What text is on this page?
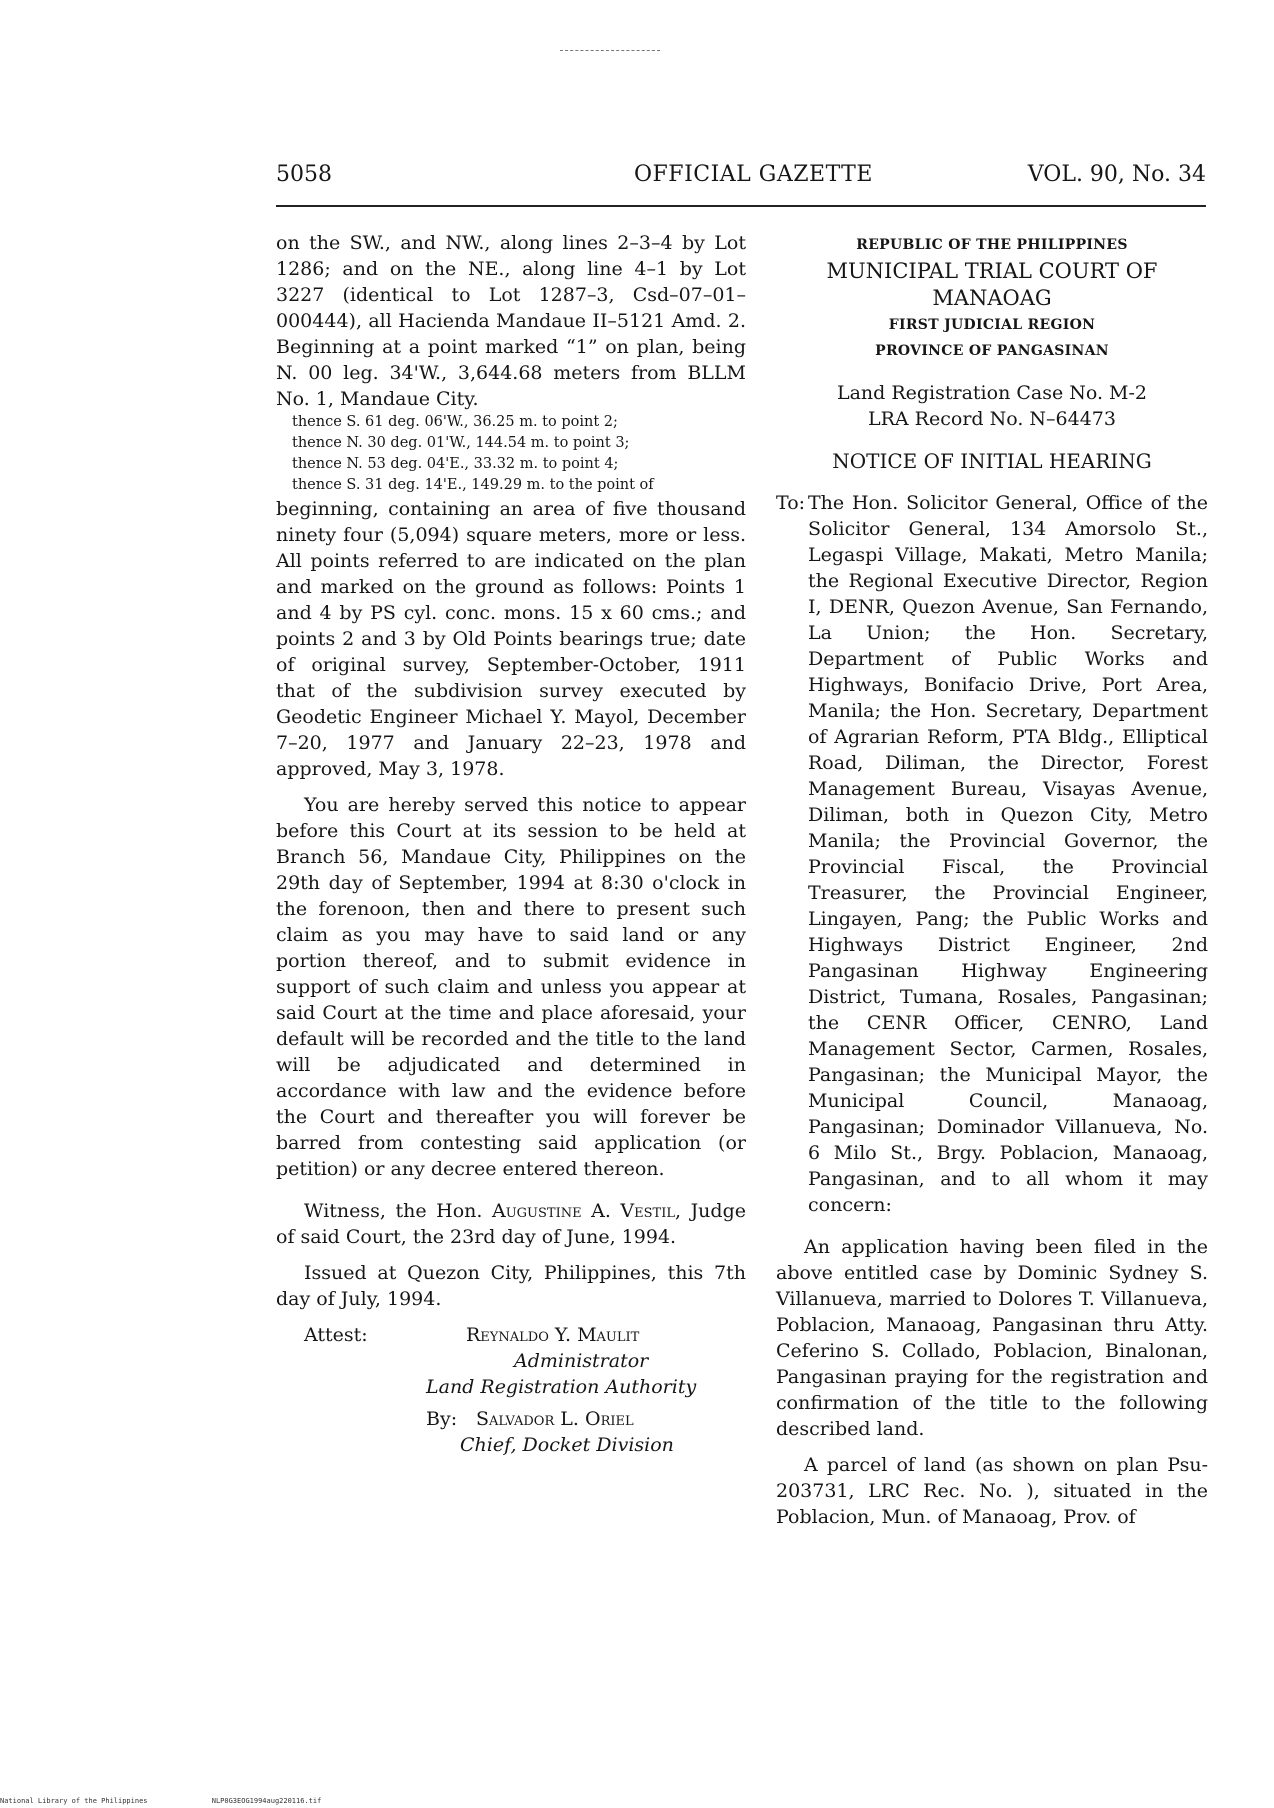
5058	OFFICIAL GAZETTE	VOL. 90, No. 34

on the SW., and NW., along lines 2–3–4 by Lot 1286; and on the NE., along line 4–1 by Lot 3227 (identical to Lot 1287–3, Csd–07–01–000444), all Hacienda Mandaue II–5121 Amd. 2. Beginning at a point marked “1” on plan, being N. 00 leg. 34'W., 3,644.68 meters from BLLM No. 1, Mandaue City.

thence S. 61 deg. 06'W., 36.25 m. to point 2;
thence N. 30 deg. 01'W., 144.54 m. to point 3;
thence N. 53 deg. 04'E., 33.32 m. to point 4;
thence S. 31 deg. 14'E., 149.29 m. to the point of

beginning, containing an area of five thousand ninety four (5,094) square meters, more or less. All points referred to are indicated on the plan and marked on the ground as follows: Points 1 and 4 by PS cyl. conc. mons. 15 x 60 cms.; and points 2 and 3 by Old Points bearings true; date of original survey, September-October, 1911 that of the subdivision survey executed by Geodetic Engineer Michael Y. Mayol, December 7–20, 1977 and January 22–23, 1978 and approved, May 3, 1978.

You are hereby served this notice to appear before this Court at its session to be held at Branch 56, Mandaue City, Philippines on the 29th day of September, 1994 at 8:30 o'clock in the forenoon, then and there to present such claim as you may have to said land or any portion thereof, and to submit evidence in support of such claim and unless you appear at said Court at the time and place aforesaid, your default will be recorded and the title to the land will be adjudicated and determined in accordance with law and the evidence before the Court and thereafter you will forever be barred from contesting said application (or petition) or any decree entered thereon.

Witness, the Hon. Augustine A. Vestil, Judge of said Court, the 23rd day of June, 1994.

Issued at Quezon City, Philippines, this 7th day of July, 1994.

Attest:	Reynaldo Y. Maulit
Administrator
Land Registration Authority
By: Salvador L. Oriel
Chief, Docket Division
REPUBLIC OF THE PHILIPPINES
MUNICIPAL TRIAL COURT OF MANAOAG
FIRST JUDICIAL REGION
PROVINCE OF PANGASINAN
Land Registration Case No. M-2
LRA Record No. N–64473
NOTICE OF INITIAL HEARING
To: The Hon. Solicitor General, Office of the Solicitor General, 134 Amorsolo St., Legaspi Village, Makati, Metro Manila; the Regional Executive Director, Region I, DENR, Quezon Avenue, San Fernando, La Union; the Hon. Secretary, Department of Public Works and Highways, Bonifacio Drive, Port Area, Manila; the Hon. Secretary, Department of Agrarian Reform, PTA Bldg., Elliptical Road, Diliman, the Director, Forest Management Bureau, Visayas Avenue, Diliman, both in Quezon City, Metro Manila; the Provincial Governor, the Provincial Fiscal, the Provincial Treasurer, the Provincial Engineer, Lingayen, Pang; the Public Works and Highways District Engineer, 2nd Pangasinan Highway Engineering District, Tumana, Rosales, Pangasinan; the CENR Officer, CENRO, Land Management Sector, Carmen, Rosales, Pangasinan; the Municipal Mayor, the Municipal Council, Manaoag, Pangasinan; Dominador Villanueva, No. 6 Milo St., Brgy. Poblacion, Manaoag, Pangasinan, and to all whom it may concern:

An application having been filed in the above entitled case by Dominic Sydney S. Villanueva, married to Dolores T. Villanueva, Poblacion, Manaoag, Pangasinan thru Atty. Ceferino S. Collado, Poblacion, Binalonan, Pangasinan praying for the registration and confirmation of the title to the following described land.

A parcel of land (as shown on plan Psu-203731, LRC Rec. No. ), situated in the Poblacion, Mun. of Manaoag, Prov. of

National Library of the Philippines	NLP0G3EOG1994aug220116.tif
